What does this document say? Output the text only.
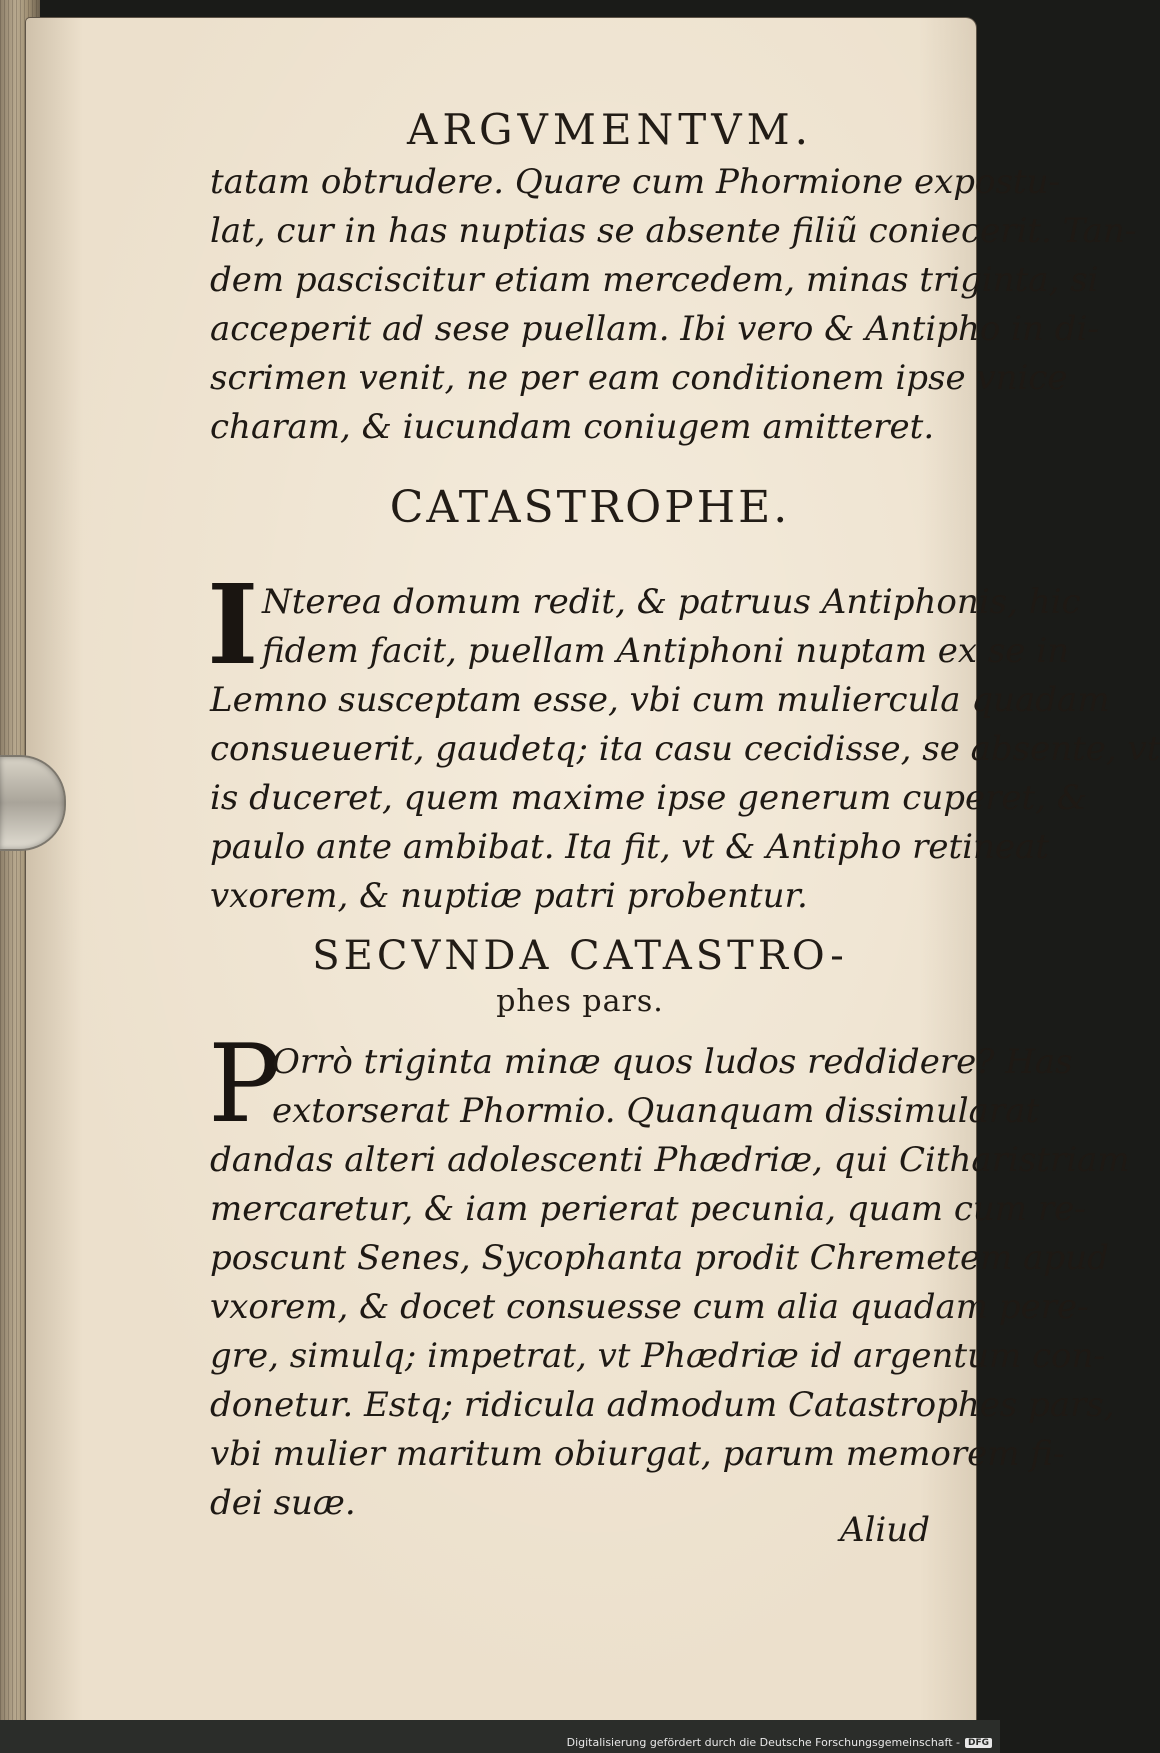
ARGVMENTVM.
tatam obtrudere. Quare cum Phormione expostu-
lat, cur in has nuptias se absente filiũ coniecerit. Tan-
dem pasciscitur etiam mercedem, minas triginta, si
acceperit ad sese puellam. Ibi vero & Antipho in di-
scrimen venit, ne per eam conditionem ipse vnice
charam, & iucundam coniugem amitteret.
CATASTROPHE.
I Nterea domum redit, & patruus Antiphonis, hic
fidem facit, puellam Antiphoni nuptam ex se in
Lemno susceptam esse, vbi cum muliercula quadam
consueuerit, gaudetq; ita casu cecidisse, se absente, vt
is duceret, quem maxime ipse generum cuperet, &
paulo ante ambibat. Ita fit, vt & Antipho retineat
vxorem, & nuptiæ patri probentur.
SECVNDA CATASTRO-
phes pars.
P
Orrò triginta minæ quos ludos reddidere? Has
extorserat Phormio. Quanquam dissimularat
dandas alteri adolescenti Phædriæ, qui Citharistriam
mercaretur, & iam perierat pecunia, quam cum re-
poscunt Senes, Sycophanta prodit Chremetem apud
vxorem, & docet consuesse cum alia quadam pere-
gre, simulq; impetrat, vt Phædriæ id argentum con-
donetur. Estq; ridicula admodum Catastrophes pars,
vbi mulier maritum obiurgat, parum memorem fi-
dei suæ.
Aliud
Digitalisierung gefördert durch die Deutsche Forschungsgemeinschaft - DFG
